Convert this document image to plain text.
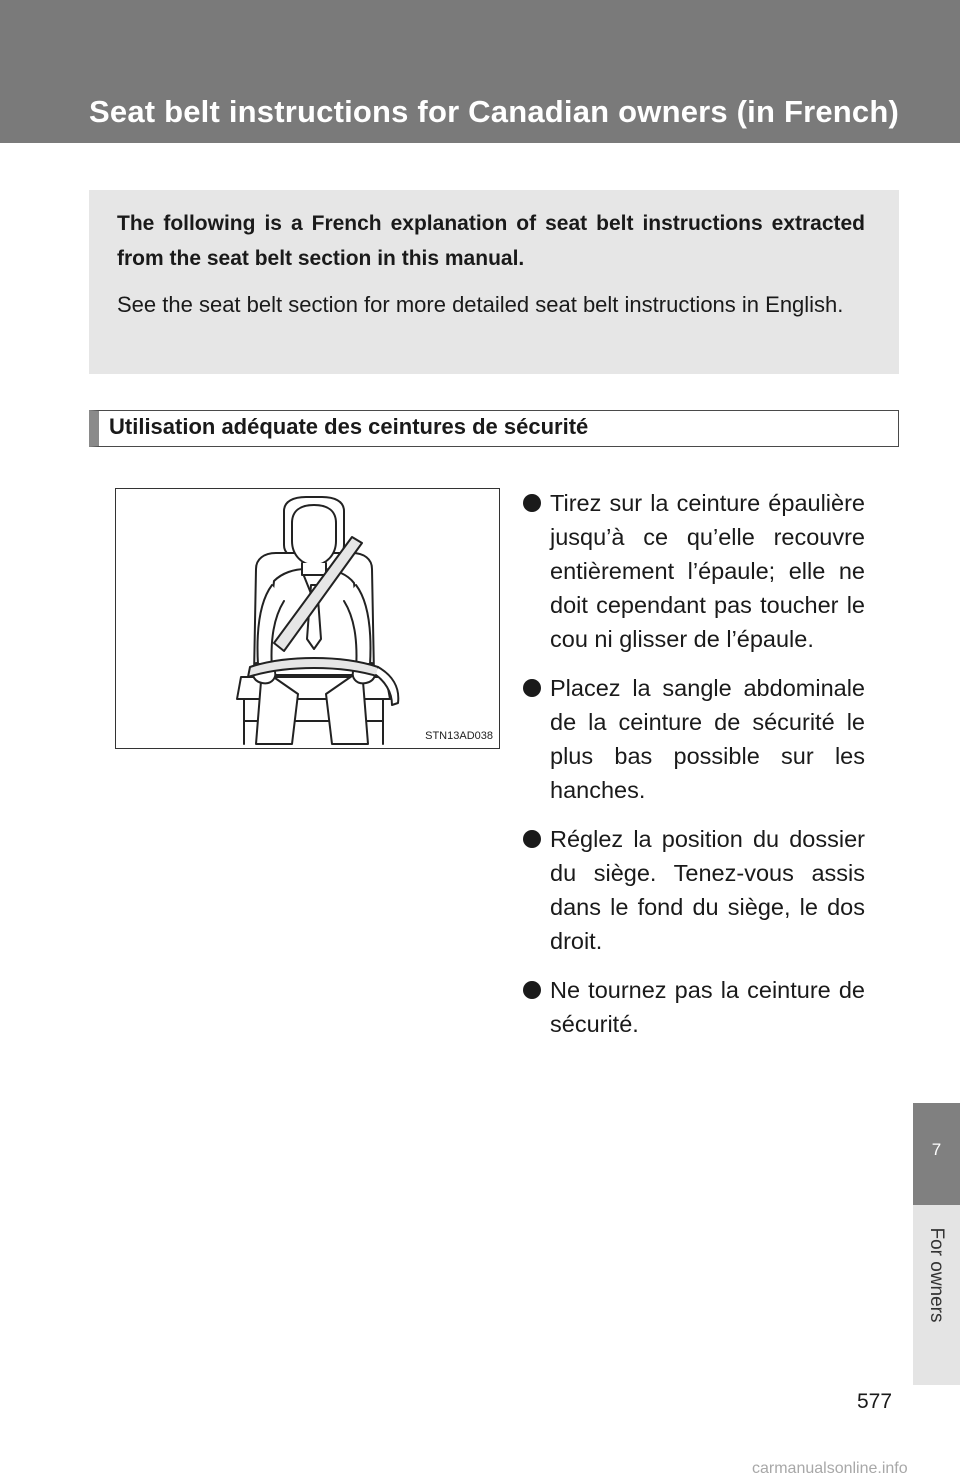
Seat belt instructions for Canadian owners (in French)

The following is a French explanation of seat belt instructions extracted from the seat belt section in this manual.

See the seat belt section for more detailed seat belt instructions in English.

Utilisation adéquate des ceintures de sécurité
STN13AD038
Tirez sur la ceinture épaulière jusqu’à ce qu’elle recouvre entièrement l’épaule; elle ne doit cependant pas toucher le cou ni glisser de l’épaule.
Placez la sangle abdominale de la ceinture de sécurité le plus bas possible sur les hanches.
Réglez la position du dossier du siège. Tenez-vous assis dans le fond du siège, le dos droit.
Ne tournez pas la ceinture de sécurité.
7
For owners
577
carmanualsonline.info
